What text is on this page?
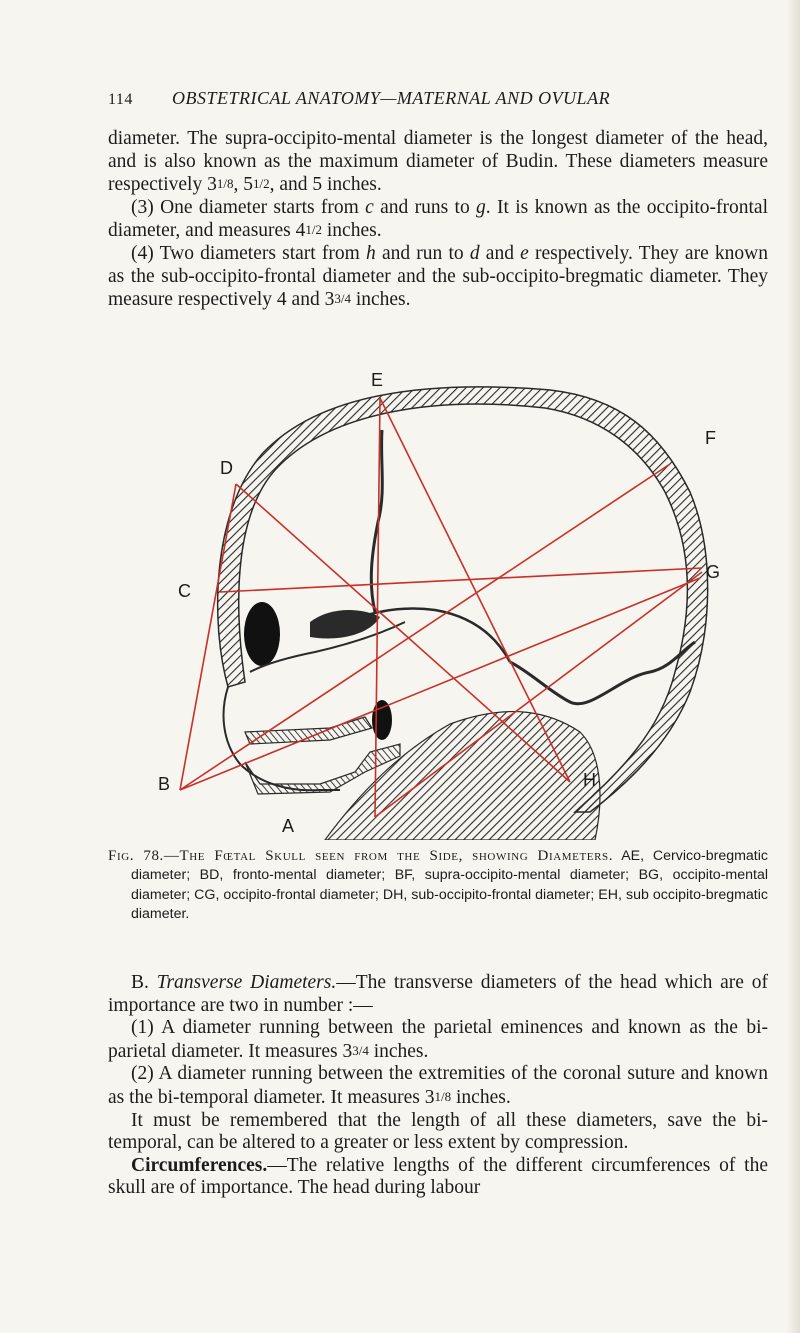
114 OBSTETRICAL ANATOMY—MATERNAL AND OVULAR

diameter. The supra-occipito-mental diameter is the longest diameter of the head, and is also known as the maximum diameter of Budin. These diameters measure respectively 31/8, 51/2, and 5 inches.

(3) One diameter starts from c and runs to g. It is known as the occipito-frontal diameter, and measures 41/2 inches.

(4) Two diameters start from h and run to d and e respectively. They are known as the sub-occipito-frontal diameter and the sub-occipito-bregmatic diameter. They measure respectively 4 and 33/4 inches.

E
D
F
C
G
B
A
H
Fig. 78.—The Fœtal Skull seen from the Side, showing Diameters. AE, Cervico-bregmatic diameter; BD, fronto-mental diameter; BF, supra-occipito-mental diameter; BG, occipito-mental diameter; CG, occipito-frontal diameter; DH, sub-occipito-frontal diameter; EH, sub occipito-bregmatic diameter.

B. Transverse Diameters.—The transverse diameters of the head which are of importance are two in number :—

(1) A diameter running between the parietal eminences and known as the bi-parietal diameter. It measures 33/4 inches.

(2) A diameter running between the extremities of the coronal suture and known as the bi-temporal diameter. It measures 31/8 inches.

It must be remembered that the length of all these diameters, save the bi-temporal, can be altered to a greater or less extent by compression.

Circumferences.—The relative lengths of the different circumferences of the skull are of importance. The head during labour
